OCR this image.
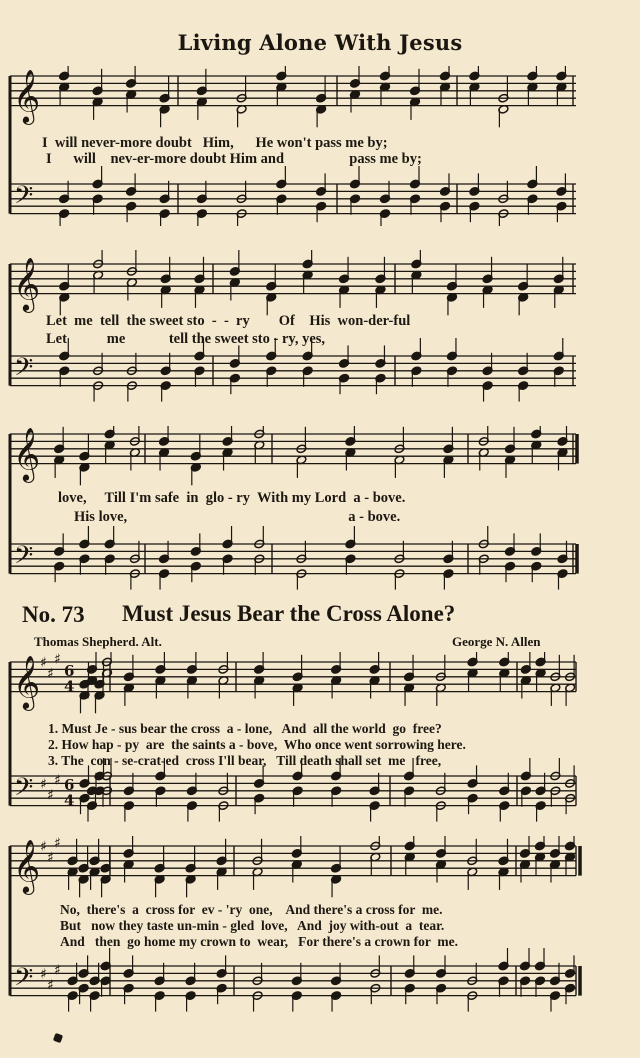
Living Alone With Jesus
𝄞
𝄢
I  will never-more doubt   Him,      He won't pass me by;
I      will    nev-er-more doubt Him and                  pass me by;
𝄞
𝄢
Let  me  tell  the sweet sto  -  -  ry        Of    His  won-der-ful
Let           me            tell the sweet sto - ry, yes,
𝄞
𝄢
love,     Till I'm safe  in  glo - ry  With my Lord  a - bove.
His love,                                                             a - bove.
No. 73 Must Jesus Bear the Cross Alone?
Thomas Shepherd. Alt.	George N. Allen
𝄞
𝄢
♯
♯
♯
♯
♯
♯
6
4
6
4
1. Must Je - sus bear the cross  a - lone,   And  all the world  go  free?
2. How hap - py  are  the saints a - bove,  Who once went sorrowing here.
3. The  con - se-crat-ed  cross I'll bear,   Till death shall set  me   free,
𝄞
𝄢
♯
♯
♯
♯
♯
♯
No,  there's  a  cross for  ev - 'ry  one,    And there's a cross for  me.
But   now they taste un-min - gled  love,   And  joy with-out  a  tear.
And   then  go home my crown to  wear,   For there's a crown for  me.
